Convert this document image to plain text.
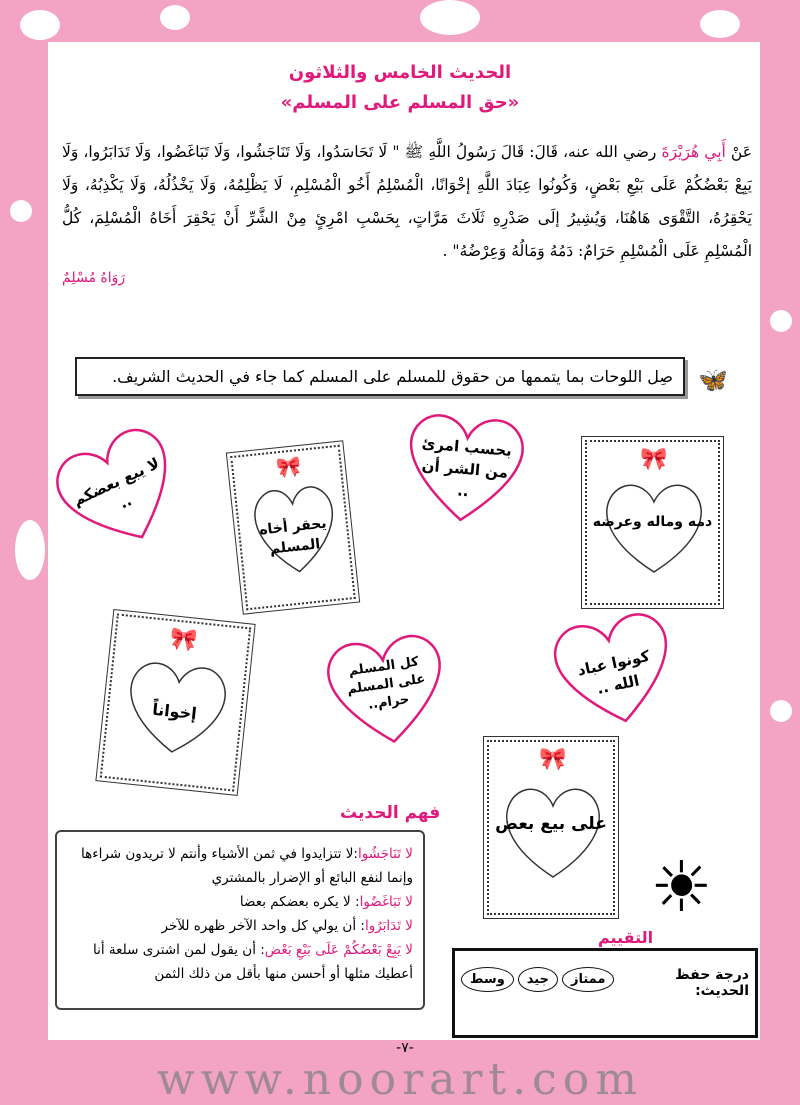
الحديث الخامس والثلاثون
«حق المسلم على المسلم»
عَنْ أَبِي هُرَيْرَةَ رضي الله عنه، قَالَ: قَالَ رَسُولُ اللَّهِ ﷺ " لَا تَحَاسَدُوا، وَلَا تَنَاجَشُوا، وَلَا تَبَاغَضُوا، وَلَا تَدَابَرُوا، وَلَا يَبِعْ بَعْضُكُمْ عَلَى بَيْعِ بَعْضٍ، وَكُونُوا عِبَادَ اللَّهِ إخْوَانًا، الْمُسْلِمُ أَخُو الْمُسْلِمِ، لَا يَظْلِمُهُ، وَلَا يَخْذُلُهُ، وَلَا يَكْذِبُهُ، وَلَا يَحْقِرُهُ، التَّقْوَى هَاهُنَا، وَيُشِيرُ إلَى صَدْرِهِ ثَلَاثَ مَرَّاتٍ، بِحَسْبِ امْرِئٍ مِنْ الشَّرِّ أَنْ يَحْقِرَ أَخَاهُ الْمُسْلِمَ، كُلُّ الْمُسْلِمِ عَلَى الْمُسْلِمِ حَرَامٌ: دَمُهُ وَمَالُهُ وَعِرْضُهُ" .
رَوَاهُ مُسْلِمٌ
صِل اللوحات بما يتممها من حقوق للمسلم على المسلم كما جاء في الحديث الشريف.	🦋
لا يبع بعضكم ..
بحسب امرئ من الشر أن ..
كل المسلم على المسلم حرام..
كونوا عباد الله ..
🎀
يحقر أخاه المسلم
🎀
دمه وماله وعرضه
🎀
إخواناً
🎀
على بيع بعض
فهم الحديث

لا تَنَاجَشُوا:لا تتزايدوا في ثمن الأشياء وأنتم لا تريدون شراءها وإنما لنفع البائع أو الإضرار بالمشتري

لا تَبَاغَضُوا: لا يكره بعضكم بعضا

لا تَدَابَرُوا: أن يولي كل واحد الآخر ظهره للآخر

لا يَبِعْ بَعْضُكُمْ عَلَى بَيْعِ بَعْض: أن يقول لمن اشترى سلعة أنا أعطيك مثلها أو أحسن منها بأقل من ذلك الثمن

☀
التقييم
درجة حفظ الحديث:
ممتاز
جيد
وسط
-٧-
www.noorart.com
